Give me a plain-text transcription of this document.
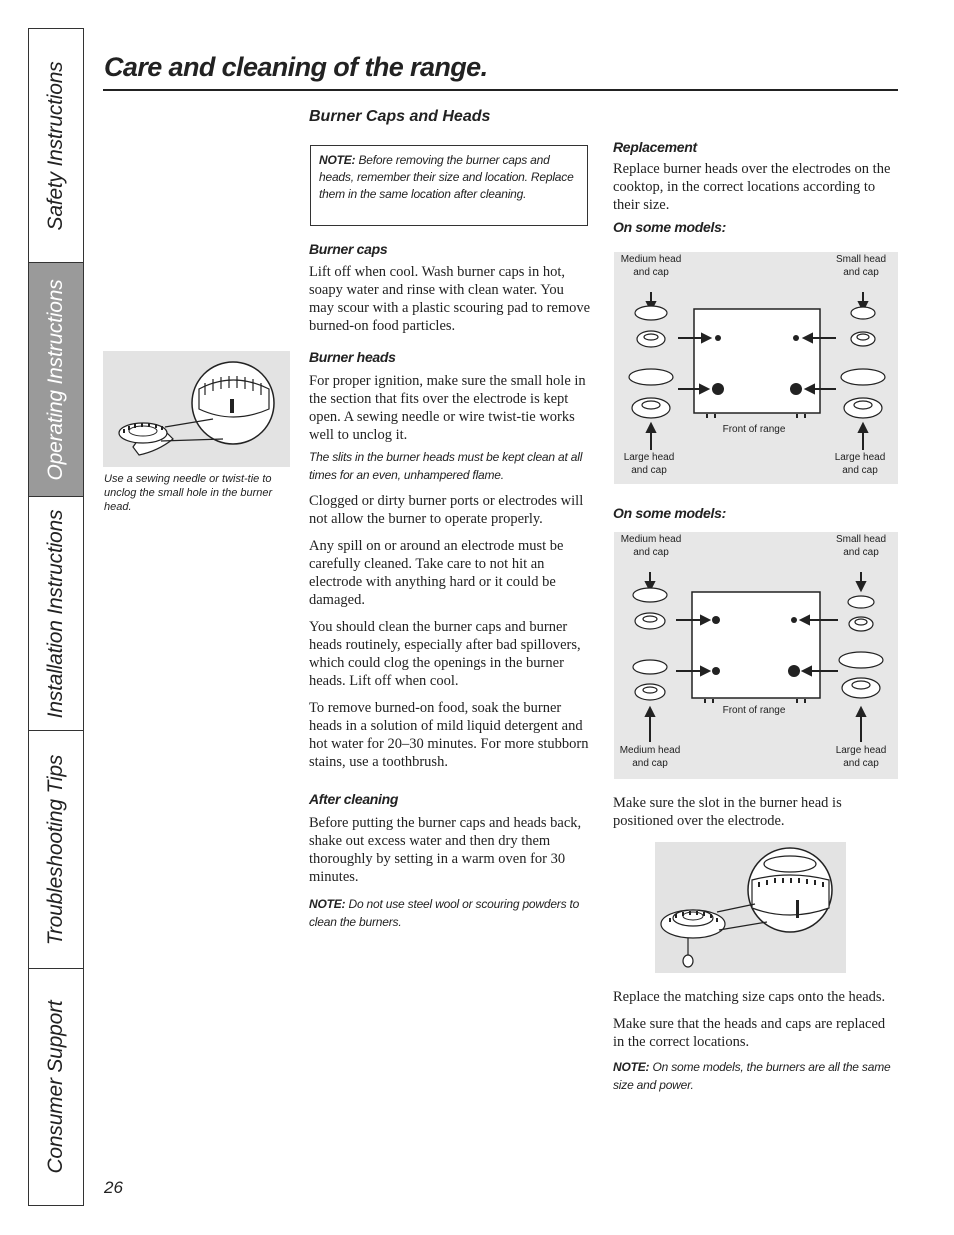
Safety Instructions
Operating Instructions
Installation Instructions
Troubleshooting Tips
Consumer Support
Care and cleaning of the range.
Use a sewing needle or twist-tie to unclog the small hole in the burner head.
Burner Caps and Heads
NOTE: Before removing the burner caps and heads, remember their size and location. Replace them in the same location after cleaning.
Burner caps

Lift off when cool. Wash burner caps in hot, soapy water and rinse with clean water. You may scour with a plastic scouring pad to remove burned-on food particles.

Burner heads

For proper ignition, make sure the small hole in the section that fits over the electrode is kept open. A sewing needle or wire twist-tie works well to unclog it.

The slits in the burner heads must be kept clean at all times for an even, unhampered flame.

Clogged or dirty burner ports or electrodes will not allow the burner to operate properly.

Any spill on or around an electrode must be carefully cleaned. Take care to not hit an electrode with anything hard or it could be damaged.

You should clean the burner caps and burner heads routinely, especially after bad spillovers, which could clog the openings in the burner heads. Lift off when cool.

To remove burned-on food, soak the burner heads in a solution of mild liquid detergent and hot water for 20–30 minutes. For more stubborn stains, use a toothbrush.

After cleaning

Before putting the burner caps and heads back, shake out excess water and then dry them thoroughly by setting in a warm oven for 30 minutes.

NOTE: Do not use steel wool or scouring powders to clean the burners.
Replacement

Replace burner heads over the electrodes on the cooktop, in the correct locations according to their size.

On some models:
Medium head
and cap
Small head
and cap
Large head
and cap
Large head
and cap
Front of range
On some models:
Medium head
and cap
Small head
and cap
Medium head
and cap
Large head
and cap
Front of range

Make sure the slot in the burner head is positioned over the electrode.

Replace the matching size caps onto the heads.

Make sure that the heads and caps are replaced in the correct locations.

NOTE: On some models, the burners are all the same size and power.
26
